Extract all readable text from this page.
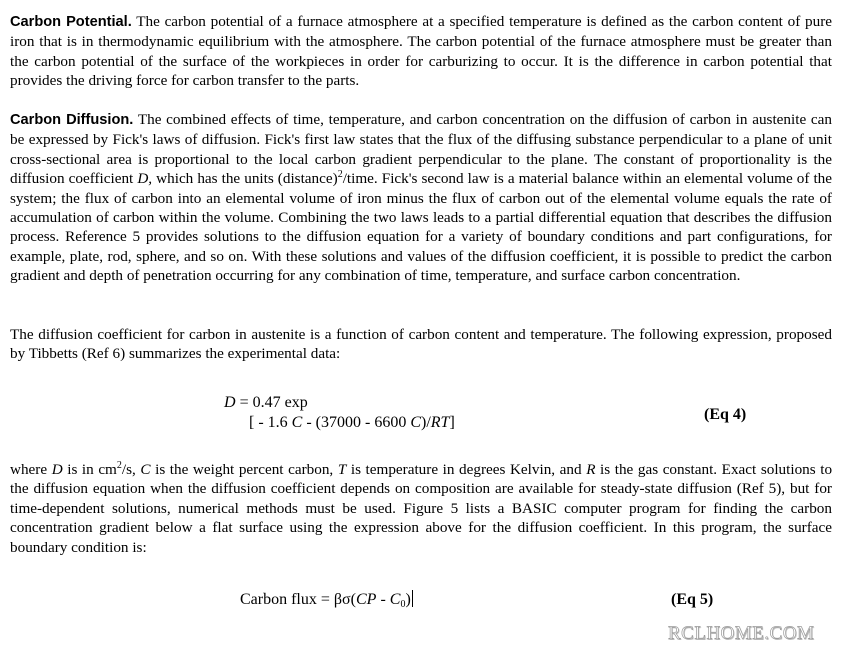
Carbon Potential. The carbon potential of a furnace atmosphere at a specified temperature is defined as the carbon content of pure iron that is in thermodynamic equilibrium with the atmosphere. The carbon potential of the furnace atmosphere must be greater than the carbon potential of the surface of the workpieces in order for carburizing to occur. It is the difference in carbon potential that provides the driving force for carbon transfer to the parts.
Carbon Diffusion. The combined effects of time, temperature, and carbon concentration on the diffusion of carbon in austenite can be expressed by Fick's laws of diffusion. Fick's first law states that the flux of the diffusing substance perpendicular to a plane of unit cross-sectional area is proportional to the local carbon gradient perpendicular to the plane. The constant of proportionality is the diffusion coefficient D, which has the units (distance)$^2$/time. Fick's second law is a material balance within an elemental volume of the system; the flux of carbon into an elemental volume of iron minus the flux of carbon out of the elemental volume equals the rate of accumulation of carbon within the volume. Combining the two laws leads to a partial differential equation that describes the diffusion process. Reference 5 provides solutions to the diffusion equation for a variety of boundary conditions and part configurations, for example, plate, rod, sphere, and so on. With these solutions and values of the diffusion coefficient, it is possible to predict the carbon gradient and depth of penetration occurring for any combination of time, temperature, and surface carbon concentration.
The diffusion coefficient for carbon in austenite is a function of carbon content and temperature. The following expression, proposed by Tibbetts (Ref 6) summarizes the experimental data:
D = 0.47 exp
[ - 1.6 C - (37000 - 6600 C)/RT]	(Eq 4)
where D is in $cm^2/s$, C is the weight percent carbon, T is temperature in degrees Kelvin, and R is the gas constant. Exact solutions to the diffusion equation when the diffusion coefficient depends on composition are available for steady-state diffusion (Ref 5), but for time-dependent solutions, numerical methods must be used. Figure 5 lists a BASIC computer program for finding the carbon concentration gradient below a flat surface using the expression above for the diffusion coefficient. In this program, the surface boundary condition is:
Carbon flux = $\beta\sigma(CP - C_0)$	(Eq 5)
RCLHOME.COM
